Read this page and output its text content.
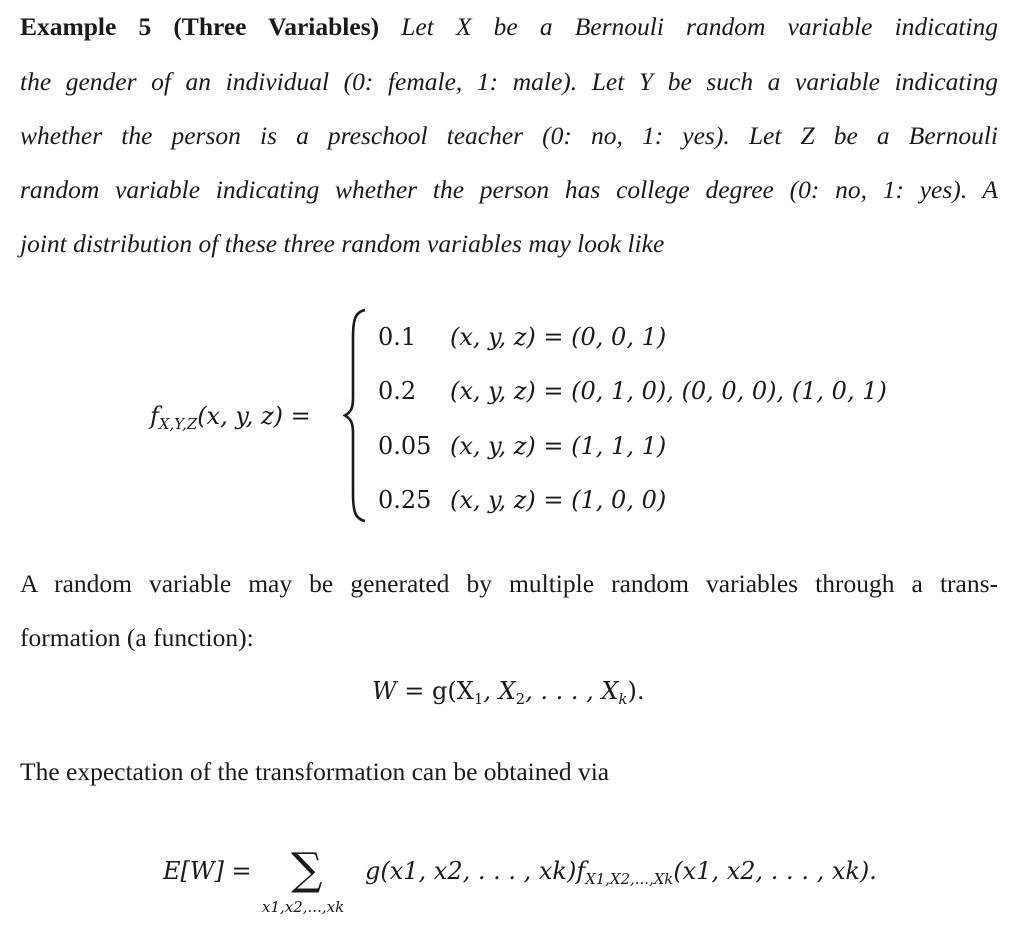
Example 5 (Three Variables) Let X be a Bernouli random variable indicating
the gender of an individual (0: female, 1: male). Let Y be such a variable indicating
whether the person is a preschool teacher (0: no, 1: yes). Let Z be a Bernouli
random variable indicating whether the person has college degree (0: no, 1: yes). A
joint distribution of these three random variables may look like
$f_{X,Y,Z}(x$, y, z) =
0.1 (x, y, z) = (0, 0, 1)
0.2 (x, y, z) = (0, 1, 0), (0, 0, 0), (1, 0, 1)
0.05 (x, y, z) = (1, 1, 1)
0.25 (x, y, z) = (1, 0, 0)
A random variable may be generated by multiple random variables through a trans-
formation (a function):
$W = g(X_1$, $X_2$, . . . , $X_k$).
The expectation of the transformation can be obtained via
E[W] = ∑
x1,x2,...,xk
g(x1, x2, . . . , $xk)f_{X1,X2,...,Xk}(x1$, x2, . . . , xk).
